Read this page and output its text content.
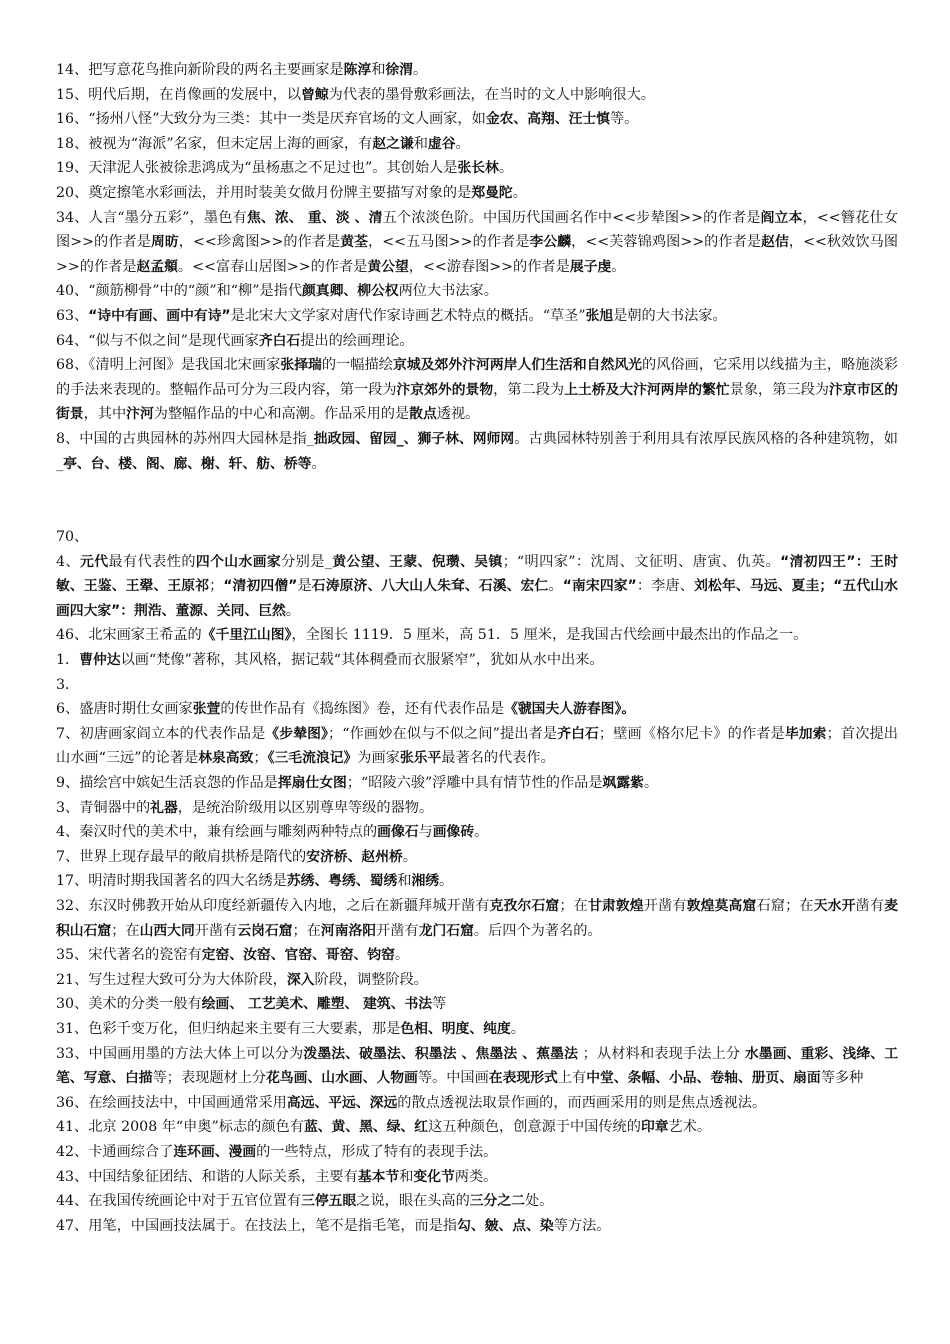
14、把写意花鸟推向新阶段的两名主要画家是陈淳和徐渭。

15、明代后期，在肖像画的发展中，以曾鲸为代表的墨骨敷彩画法，在当时的文人中影响很大。

16、“扬州八怪”大致分为三类：其中一类是厌弃官场的文人画家，如金农、高翔、汪士慎等。

18、被视为“海派”名家，但未定居上海的画家，有赵之谦和虚谷。

19、天津泥人张被徐悲鸿成为“虽杨惠之不足过也”。其创始人是张长林。

20、奠定擦笔水彩画法，并用时装美女做月份牌主要描写对象的是郑曼陀。

34、人言“墨分五彩”，墨色有焦、浓、 重、淡 、清五个浓淡色阶。中国历代国画名作中<<步辇图>>的作者是阎立本，<<簪花仕女图>>的作者是周昉，<<珍禽图>>的作者是黄荃，<<五马图>>的作者是李公麟，<<芙蓉锦鸡图>>的作者是赵佶，<<秋效饮马图>>的作者是赵孟頫。<<富春山居图>>的作者是黄公望，<<游春图>>的作者是展子虔。

40、“颜筋柳骨”中的“颜”和“柳”是指代颜真卿、柳公权两位大书法家。

63、“诗中有画、画中有诗”是北宋大文学家对唐代作家诗画艺术特点的概括。“草圣”张旭是朝的大书法家。

64、“似与不似之间”是现代画家齐白石提出的绘画理论。

68、《清明上河图》是我国北宋画家张择瑞的一幅描绘京城及郊外汴河两岸人们生活和自然风光的风俗画，它采用以线描为主，略施淡彩的手法来表现的。整幅作品可分为三段内容，第一段为汴京郊外的景物，第二段为上土桥及大汴河两岸的繁忙景象，第三段为汴京市区的街景，其中汴河为整幅作品的中心和高潮。作品采用的是散点透视。

8、中国的古典园林的苏州四大园林是指_拙政园、留园_、狮子林、网师网。古典园林特别善于利用具有浓厚民族风格的各种建筑物，如_亭、台、楼、阁、廊、榭、轩、舫、桥等。

70、

4、元代最有代表性的四个山水画家分别是_黄公望、王蒙、倪瓒、吴镇；“明四家”：沈周、文征明、唐寅、仇英。“清初四王”：王时敏、王鉴、王翚、王原祁；“清初四僧”是石涛原济、八大山人朱耷、石溪、宏仁。“南宋四家”：李唐、刘松年、马远、夏圭；“五代山水画四大家”：荆浩、董源、关同、巨然。

46、北宋画家王希孟的《千里江山图》，全图长 1119．5 厘米，高 51．5 厘米，是我国古代绘画中最杰出的作品之一。

1．曹仲达以画“梵像”著称，其风格，据记载“其体稠叠而衣服紧窄”，犹如从水中出来。

3．

6、盛唐时期仕女画家张萱的传世作品有《捣练图》卷，还有代表作品是《虢国夫人游春图》。

7、初唐画家阎立本的代表作品是《步辇图》；“作画妙在似与不似之间”提出者是齐白石；壁画《格尔尼卡》的作者是毕加索；首次提出山水画“三远”的论著是林泉高致；《三毛流浪记》为画家张乐平最著名的代表作。

9、描绘宫中嫔妃生活哀怨的作品是挥扇仕女图；“昭陵六骏”浮雕中具有情节性的作品是飒露紫。

3、青铜器中的礼器，是统治阶级用以区别尊卑等级的器物。

4、秦汉时代的美术中，兼有绘画与雕刻两种特点的画像石与画像砖。

7、世界上现存最早的敞肩拱桥是隋代的安济桥、赵州桥。

17、明清时期我国著名的四大名绣是苏绣、粤绣、蜀绣和湘绣。

32、东汉时佛教开始从印度经新疆传入内地，之后在新疆拜城开凿有克孜尔石窟；在甘肃敦煌开凿有敦煌莫高窟石窟；在天水开凿有麦积山石窟；在山西大同开凿有云岗石窟；在河南洛阳开凿有龙门石窟。后四个为著名的。

35、宋代著名的瓷窑有定窑、汝窑、官窑、哥窑、钧窑。

21、写生过程大致可分为大体阶段，深入阶段，调整阶段。

30、美术的分类一般有绘画、 工艺美术、雕塑、 建筑、书法等

31、色彩千变万化，但归纳起来主要有三大要素，那是色相、明度、纯度。

33、中国画用墨的方法大体上可以分为泼墨法、破墨法、积墨法 、焦墨法 、蕉墨法 ；从材料和表现手法上分 水墨画、重彩、浅绛、工笔、写意、白描等；表现题材上分花鸟画、山水画、人物画等。中国画在表现形式上有中堂、条幅、小品、卷轴、册页、扇面等多种

36、在绘画技法中，中国画通常采用高远、平远、深远的散点透视法取景作画的，而西画采用的则是焦点透视法。

41、北京 2008 年“申奥”标志的颜色有蓝、黄、黑、绿、红这五种颜色，创意源于中国传统的印章艺术。

42、卡通画综合了连环画、漫画的一些特点，形成了特有的表现手法。

43、中国结象征团结、和谐的人际关系，主要有基本节和变化节两类。

44、在我国传统画论中对于五官位置有三停五眼之说，眼在头高的三分之二处。

47、用笔，中国画技法属于。在技法上，笔不是指毛笔，而是指勾、皴、点、染等方法。
